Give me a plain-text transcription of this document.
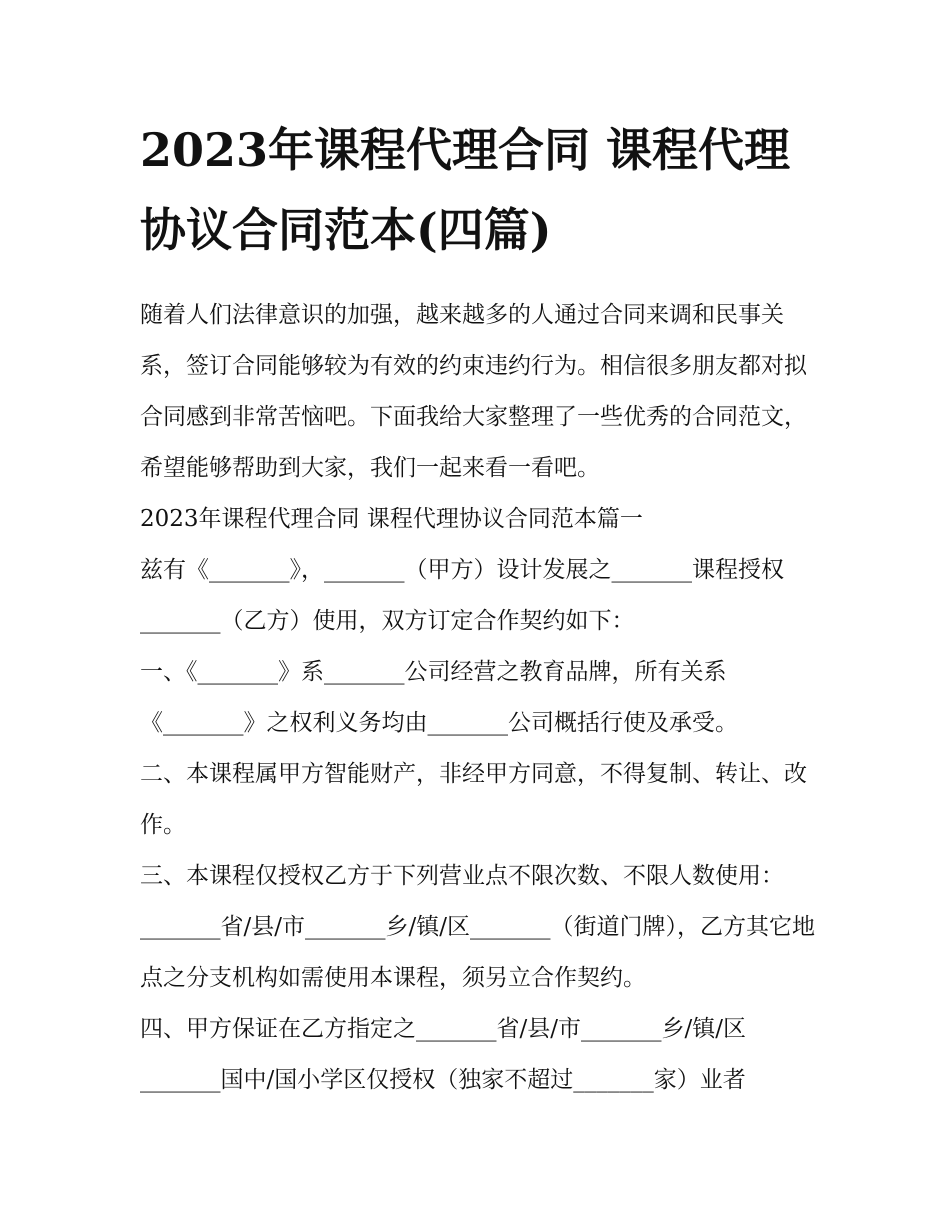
2023年课程代理合同 课程代理协议合同范本(四篇)

随着人们法律意识的加强，越来越多的人通过合同来调和民事关系，签订合同能够较为有效的约束违约行为。相信很多朋友都对拟合同感到非常苦恼吧。下面我给大家整理了一些优秀的合同范文，希望能够帮助到大家，我们一起来看一看吧。

2023年课程代理合同 课程代理协议合同范本篇一

兹有《_______》，_______（甲方）设计发展之_______课程授权_______（乙方）使用，双方订定合作契约如下：

一、《_______》系_______公司经营之教育品牌，所有关系《_______》之权利义务均由_______公司概括行使及承受。

二、本课程属甲方智能财产，非经甲方同意，不得复制、转让、改作。

三、本课程仅授权乙方于下列营业点不限次数、不限人数使用：_______省/县/市_______乡/镇/区_______（街道门牌），乙方其它地点之分支机构如需使用本课程，须另立合作契约。

四、甲方保证在乙方指定之_______省/县/市_______乡/镇/区_______国中/国小学区仅授权（独家不超过_______家）业者
